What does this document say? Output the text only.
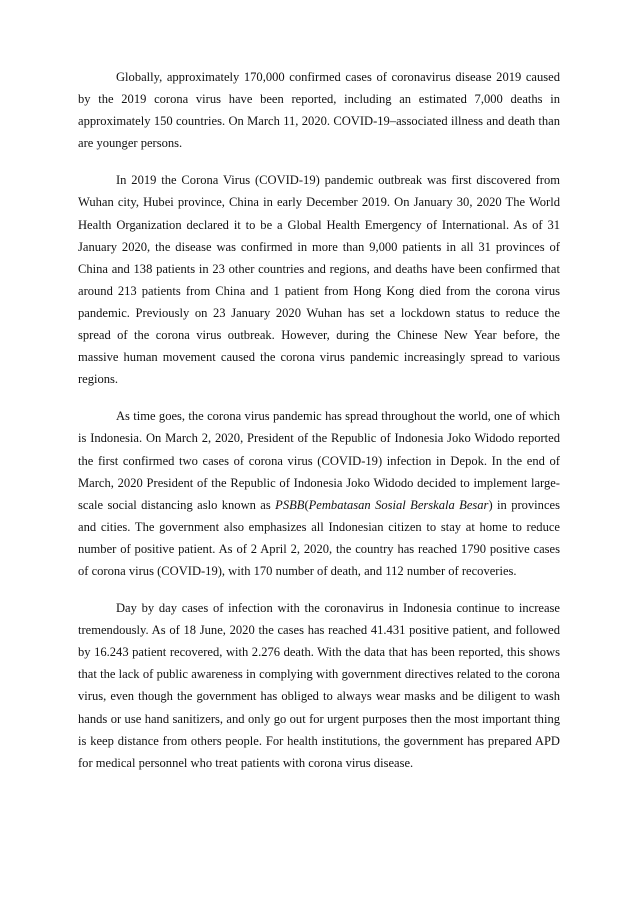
Globally, approximately 170,000 confirmed cases of coronavirus disease 2019 caused by the 2019 corona virus have been reported, including an estimated 7,000 deaths in approximately 150 countries. On March 11, 2020. COVID-19–associated illness and death than are younger persons.

In 2019 the Corona Virus (COVID-19) pandemic outbreak was first discovered from Wuhan city, Hubei province, China in early December 2019. On January 30, 2020 The World Health Organization declared it to be a Global Health Emergency of International. As of 31 January 2020, the disease was confirmed in more than 9,000 patients in all 31 provinces of China and 138 patients in 23 other countries and regions, and deaths have been confirmed that around 213 patients from China and 1 patient from Hong Kong died from the corona virus pandemic. Previously on 23 January 2020 Wuhan has set a lockdown status to reduce the spread of the corona virus outbreak. However, during the Chinese New Year before, the massive human movement caused the corona virus pandemic increasingly spread to various regions.

As time goes, the corona virus pandemic has spread throughout the world, one of which is Indonesia. On March 2, 2020, President of the Republic of Indonesia Joko Widodo reported the first confirmed two cases of corona virus (COVID-19) infection in Depok. In the end of March, 2020 President of the Republic of Indonesia Joko Widodo decided to implement large-scale social distancing aslo known as PSBB(Pembatasan Sosial Berskala Besar) in provinces and cities. The government also emphasizes all Indonesian citizen to stay at home to reduce number of positive patient. As of 2 April 2, 2020, the country has reached 1790 positive cases of corona virus (COVID-19), with 170 number of death, and 112 number of recoveries.

Day by day cases of infection with the coronavirus in Indonesia continue to increase tremendously. As of 18 June, 2020 the cases has reached 41.431 positive patient, and followed by 16.243 patient recovered, with 2.276 death. With the data that has been reported, this shows that the lack of public awareness in complying with government directives related to the corona virus, even though the government has obliged to always wear masks and be diligent to wash hands or use hand sanitizers, and only go out for urgent purposes then the most important thing is keep distance from others people. For health institutions, the government has prepared APD for medical personnel who treat patients with corona virus disease.
